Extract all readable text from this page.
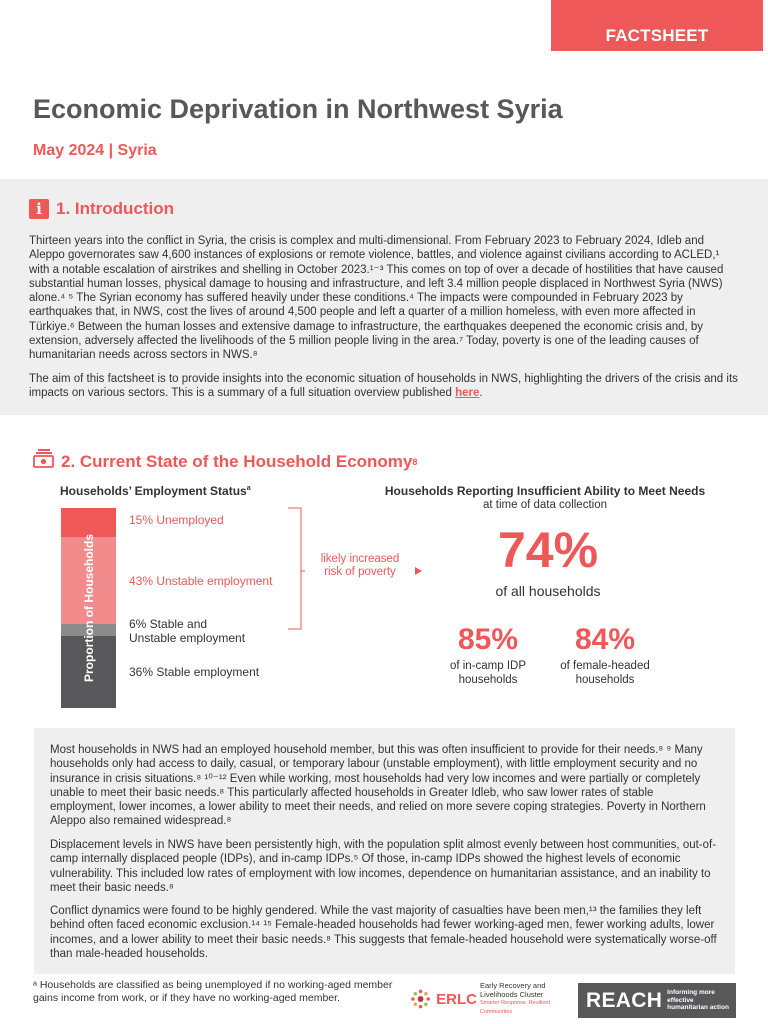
FACTSHEET
Economic Deprivation in Northwest Syria
May 2024 | Syria
i 1. Introduction
Thirteen years into the conflict in Syria, the crisis is complex and multi-dimensional. From February 2023 to February 2024, Idleb and Aleppo governorates saw 4,600 instances of explosions or remote violence, battles, and violence against civilians according to ACLED,¹ with a notable escalation of airstrikes and shelling in October 2023.¹⁻³ This comes on top of over a decade of hostilities that have caused substantial human losses, physical damage to housing and infrastructure, and left 3.4 million people displaced in Northwest Syria (NWS) alone.⁴ ⁵ The Syrian economy has suffered heavily under these conditions.⁴ The impacts were compounded in February 2023 by earthquakes that, in NWS, cost the lives of around 4,500 people and left a quarter of a million homeless, with even more affected in Türkiye.⁶ Between the human losses and extensive damage to infrastructure, the earthquakes deepened the economic crisis and, by extension, adversely affected the livelihoods of the 5 million people living in the area.⁷ Today, poverty is one of the leading causes of humanitarian needs across sectors in NWS.⁸
The aim of this factsheet is to provide insights into the economic situation of households in NWS, highlighting the drivers of the crisis and its impacts on various sectors. This is a summary of a full situation overview published here.
2. Current State of the Household Economy 8
Households’ Employment Status$^a$
Proportion of Households
15% Unemployed
43% Unstable employment
6% Stable and
Unstable employment
36% Stable employment
likely increased
risk of poverty
Households Reporting Insufficient Ability to Meet Needs
at time of data collection
74%
of all households
85%
of in-camp IDP
households
84%
of female-headed
households
Most households in NWS had an employed household member, but this was often insufficient to provide for their needs.⁸ ⁹ Many households only had access to daily, casual, or temporary labour (unstable employment), with little employment security and no insurance in crisis situations.⁸ ¹⁰⁻¹² Even while working, most households had very low incomes and were partially or completely unable to meet their basic needs.⁸ This particularly affected households in Greater Idleb, who saw lower rates of stable employment, lower incomes, a lower ability to meet their needs, and relied on more severe coping strategies. Poverty in Northern Aleppo also remained widespread.⁸
Displacement levels in NWS have been persistently high, with the population split almost evenly between host communities, out-of-camp internally displaced people (IDPs), and in-camp IDPs.⁵ Of those, in-camp IDPs showed the highest levels of economic vulnerability. This included low rates of employment with low incomes, dependence on humanitarian assistance, and an inability to meet their basic needs.⁸
Conflict dynamics were found to be highly gendered. While the vast majority of casualties have been men,¹³ the families they left behind often faced economic exclusion.¹⁴ ¹⁵ Female-headed households had fewer working-aged men, fewer working adults, lower incomes, and a lower ability to meet their basic needs.⁸ This suggests that female-headed household were systematically worse-off than male-headed households.
ᵃ Households are classified as being unemployed if no working-aged member gains income from work, or if they have no working-aged member.	ERLC
Early Recovery and Livelihoods Cluster
Smarter Response. Resilient Communities	REACH Informing more effective humanitarian action
